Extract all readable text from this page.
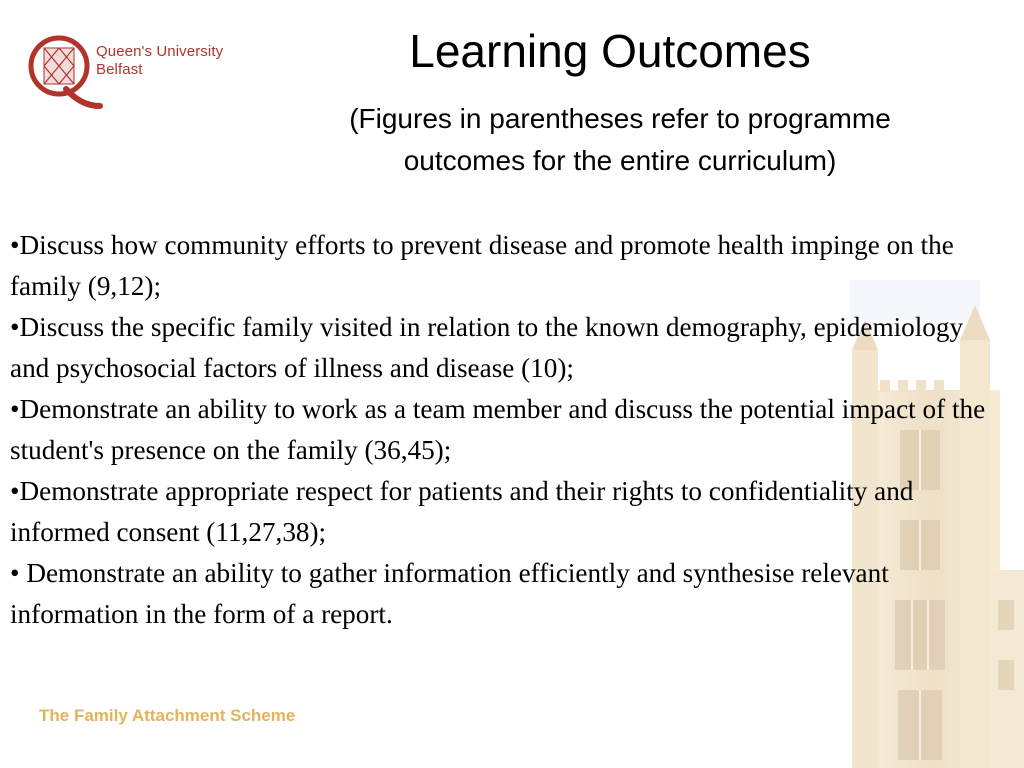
Queen's University
Belfast	Learning Outcomes
(Figures in parentheses refer to programme
outcomes for the entire curriculum)
•Discuss how community efforts to prevent disease and promote health impinge on the family (9,12);
•Discuss the specific family visited in relation to the known demography, epidemiology and psychosocial factors of illness and disease (10);
•Demonstrate an ability to work as a team member and discuss the potential impact of the student's presence on the family (36,45);
•Demonstrate appropriate respect for patients and their rights to confidentiality and informed consent (11,27,38);
• Demonstrate an ability to gather information efficiently and synthesise relevant information in the form of a report.
The Family Attachment Scheme
